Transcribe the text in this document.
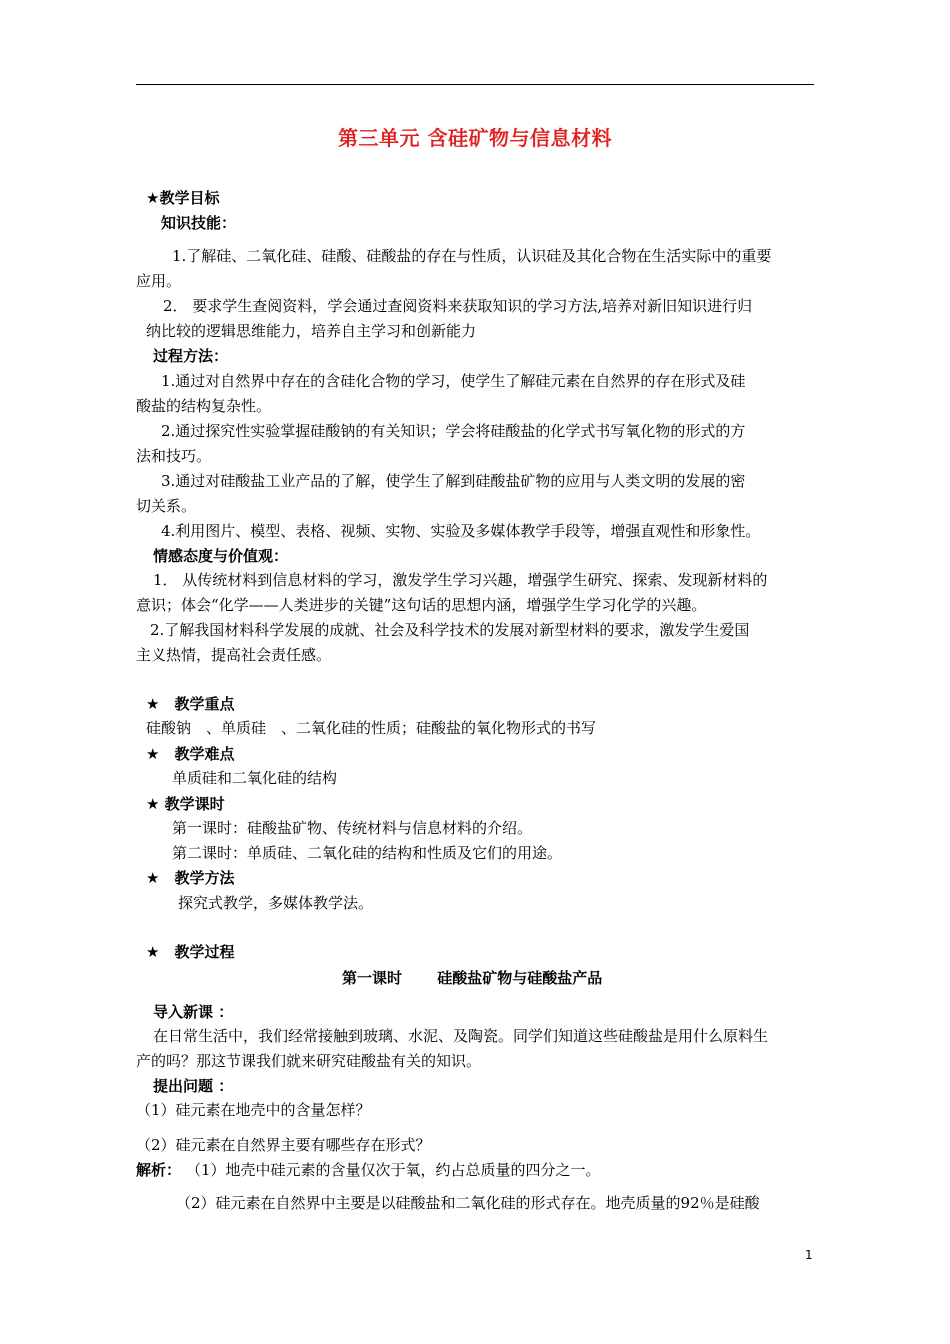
第三单元 含硅矿物与信息材料
★教学目标
知识技能：
1.了解硅、二氧化硅、硅酸、硅酸盐的存在与性质，认识硅及其化合物在生活实际中的重要
应用。
2． 要求学生查阅资料，学会通过查阅资料来获取知识的学习方法,培养对新旧知识进行归
纳比较的逻辑思维能力，培养自主学习和创新能力
过程方法：
1.通过对自然界中存在的含硅化合物的学习，使学生了解硅元素在自然界的存在形式及硅
酸盐的结构复杂性。
2.通过探究性实验掌握硅酸钠的有关知识；学会将硅酸盐的化学式书写氧化物的形式的方
法和技巧。
3.通过对硅酸盐工业产品的了解，使学生了解到硅酸盐矿物的应用与人类文明的发展的密
切关系。
4.利用图片、模型、表格、视频、实物、实验及多媒体教学手段等，增强直观性和形象性。
情感态度与价值观：
1． 从传统材料到信息材料的学习，激发学生学习兴趣，增强学生研究、探索、发现新材料的
意识；体会“化学——人类进步的关键”这句话的思想内涵，增强学生学习化学的兴趣。
2.了解我国材料科学发展的成就、社会及科学技术的发展对新型材料的要求，激发学生爱国
主义热情，提高社会责任感。
★　教学重点
硅酸钠　、单质硅　、二氧化硅的性质；硅酸盐的氧化物形式的书写
★　教学难点
单质硅和二氧化硅的结构
★ 教学课时
第一课时：硅酸盐矿物、传统材料与信息材料的介绍。
第二课时：单质硅、二氧化硅的结构和性质及它们的用途。
★　教学方法
探究式教学，多媒体教学法。
★　教学过程
第一课时　　 硅酸盐矿物与硅酸盐产品
导入新课 ：
在日常生活中，我们经常接触到玻璃、水泥、及陶瓷。同学们知道这些硅酸盐是用什么原料生
产的吗？那这节课我们就来研究硅酸盐有关的知识。
提出问题 ：
（1）硅元素在地壳中的含量怎样？
（2）硅元素在自然界主要有哪些存在形式？
解析： （1）地壳中硅元素的含量仅次于氧，约占总质量的四分之一。
（2）硅元素在自然界中主要是以硅酸盐和二氧化硅的形式存在。地壳质量的92％是硅酸
1
